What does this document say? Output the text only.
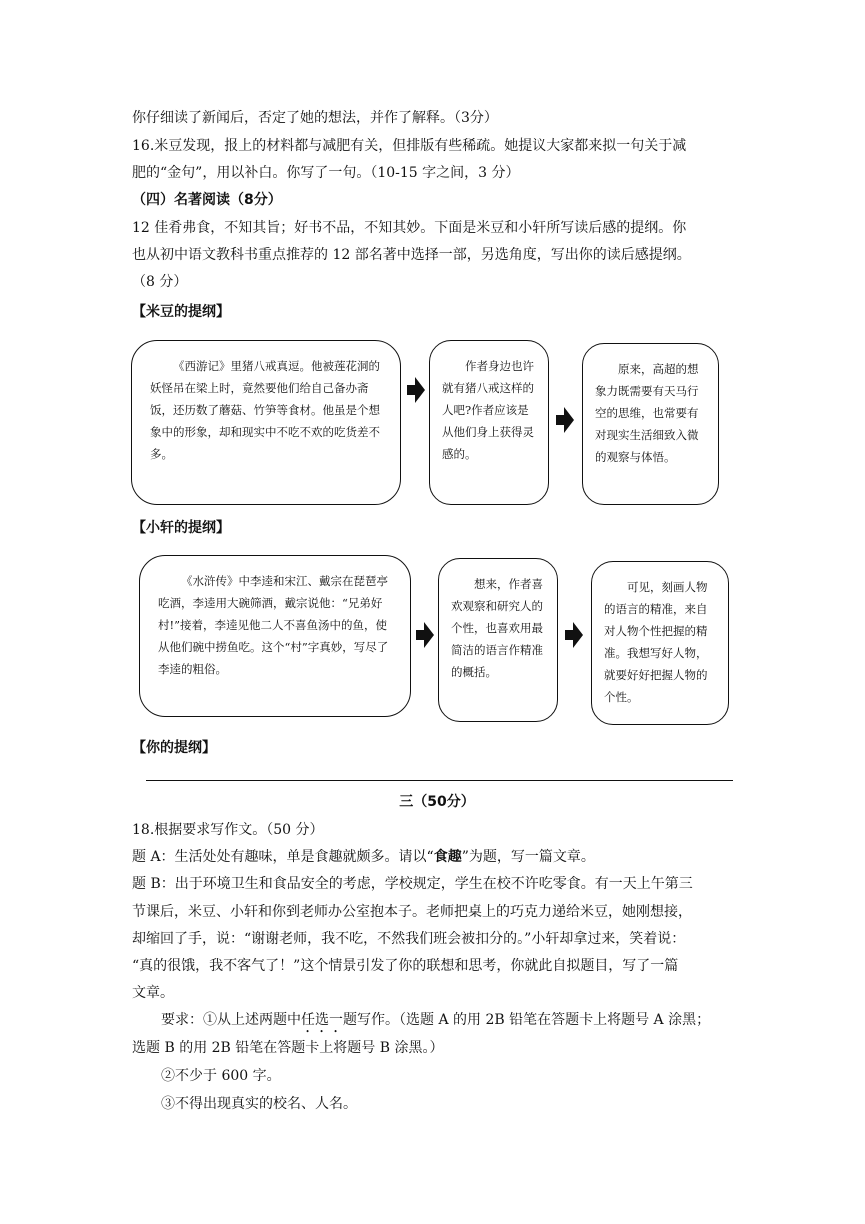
你仔细读了新闻后，否定了她的想法，并作了解释。（3分）
16.米豆发现，报上的材料都与减肥有关，但排版有些稀疏。她提议大家都来拟一句关于减
肥的“金句”，用以补白。你写了一句。（10-15 字之间，3 分）
（四）名著阅读（8分）
12 佳肴弗食，不知其旨；好书不品，不知其妙。下面是米豆和小轩所写读后感的提纲。你
也从初中语文教科书重点推荐的 12 部名著中选择一部，另选角度，写出你的读后感提纲。
（8 分）
【米豆的提纲】

《西游记》里猪八戒真逗。他被莲花洞的妖怪吊在梁上时，竟然要他们给自己备办斋饭，还历数了蘑菇、竹笋等食材。他虽是个想象中的形象，却和现实中不吃不欢的吃货差不多。

作者身边也许就有猪八戒这样的人吧?作者应该是从他们身上获得灵感的。

原来，高超的想象力既需要有天马行空的思维，也常要有对现实生活细致入微的观察与体悟。

【小轩的提纲】

《水浒传》中李逵和宋江、戴宗在琵琶亭吃酒，李逵用大碗筛酒，戴宗说他：“兄弟好村!”接着，李逵见他二人不喜鱼汤中的鱼，使从他们碗中捞鱼吃。这个“村”字真妙，写尽了李逵的粗俗。

想来，作者喜欢观察和研究人的个性，也喜欢用最简洁的语言作精准的概括。

可见，刻画人物的语言的精准，来自对人物个性把握的精准。我想写好人物，就要好好把握人物的个性。

【你的提纲】
三（50分）
18.根据要求写作文。（50 分）
题 A：生活处处有趣味，单是食趣就颇多。请以“食趣”为题，写一篇文章。
题 B：出于环境卫生和食品安全的考虑，学校规定，学生在校不许吃零食。有一天上午第三
节课后，米豆、小轩和你到老师办公室抱本子。老师把桌上的巧克力递给米豆，她刚想接，
却缩回了手，说：“谢谢老师，我不吃，不然我们班会被扣分的。”小轩却拿过来，笑着说：
“真的很饿，我不客气了！”这个情景引发了你的联想和思考，你就此自拟题目，写了一篇
文章。
要求：①从上述两题中任选一题写作。（选题 A 的用 2B 铅笔在答题卡上将题号 A 涂黑；
选题 B 的用 2B 铅笔在答题卡上将题号 B 涂黑。）
②不少于 600 字。
③不得出现真实的校名、人名。
